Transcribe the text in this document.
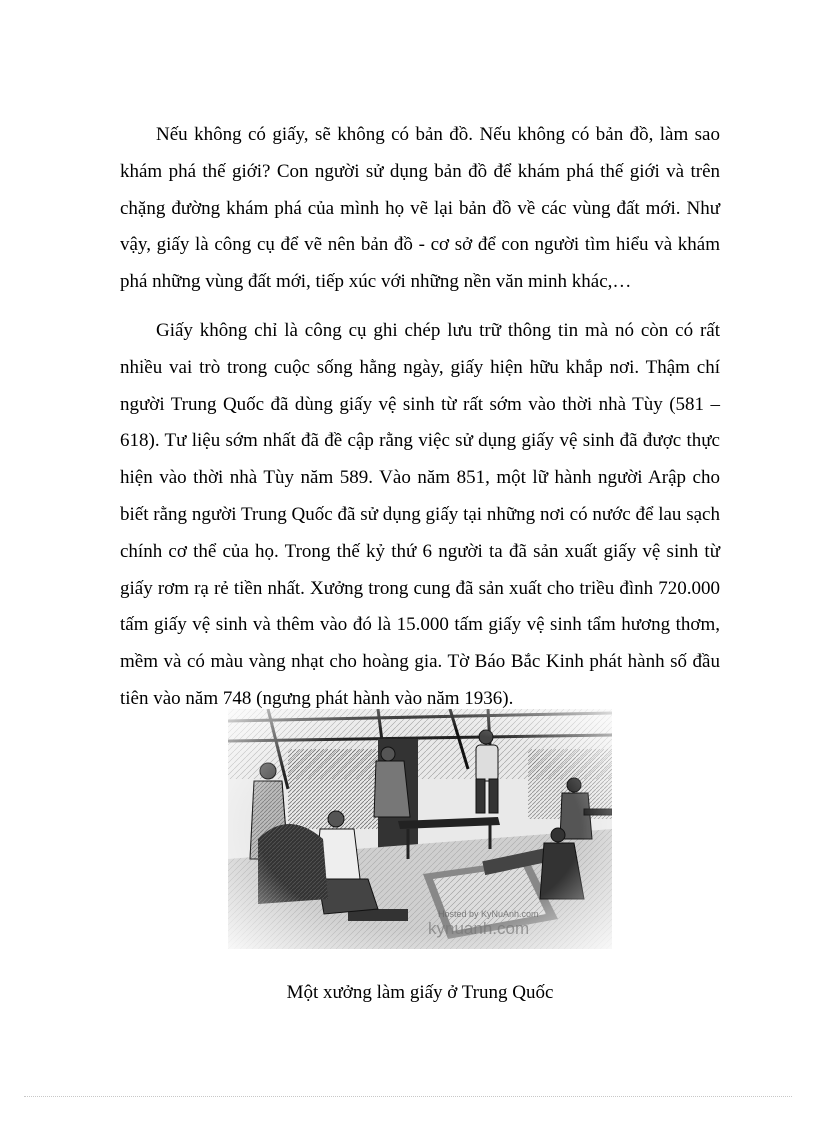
Nếu không có giấy, sẽ không có bản đồ. Nếu không có bản đồ, làm sao khám phá thế giới? Con người sử dụng bản đồ để khám phá thế giới và trên chặng đường khám phá của mình họ vẽ lại bản đồ về các vùng đất mới. Như vậy, giấy là công cụ để vẽ nên bản đồ - cơ sở để con người tìm hiểu và khám phá những vùng đất mới, tiếp xúc với những nền văn minh khác,…

Giấy không chỉ là công cụ ghi chép lưu trữ thông tin mà nó còn có rất nhiều vai trò trong cuộc sống hằng ngày, giấy hiện hữu khắp nơi. Thậm chí người Trung Quốc đã dùng giấy vệ sinh từ rất sớm vào thời nhà Tùy (581 – 618). Tư liệu sớm nhất đã đề cập rằng việc sử dụng giấy vệ sinh đã được thực hiện vào thời nhà Tùy năm 589. Vào năm 851, một lữ hành người Arập cho biết rằng người Trung Quốc đã sử dụng giấy tại những nơi có nước để lau sạch chính cơ thể của họ. Trong thế kỷ thứ 6 người ta đã sản xuất giấy vệ sinh từ giấy rơm rạ rẻ tiền nhất. Xưởng trong cung đã sản xuất cho triều đình 720.000 tấm giấy vệ sinh và thêm vào đó là 15.000 tấm giấy vệ sinh tẩm hương thơm, mềm và có màu vàng nhạt cho hoàng gia. Tờ Báo Bắc Kinh phát hành số đầu tiên vào năm 748 (ngưng phát hành vào năm 1936).

Hosted by KyNuAnh.com
kynuanh.com

Một xưởng làm giấy ở Trung Quốc
